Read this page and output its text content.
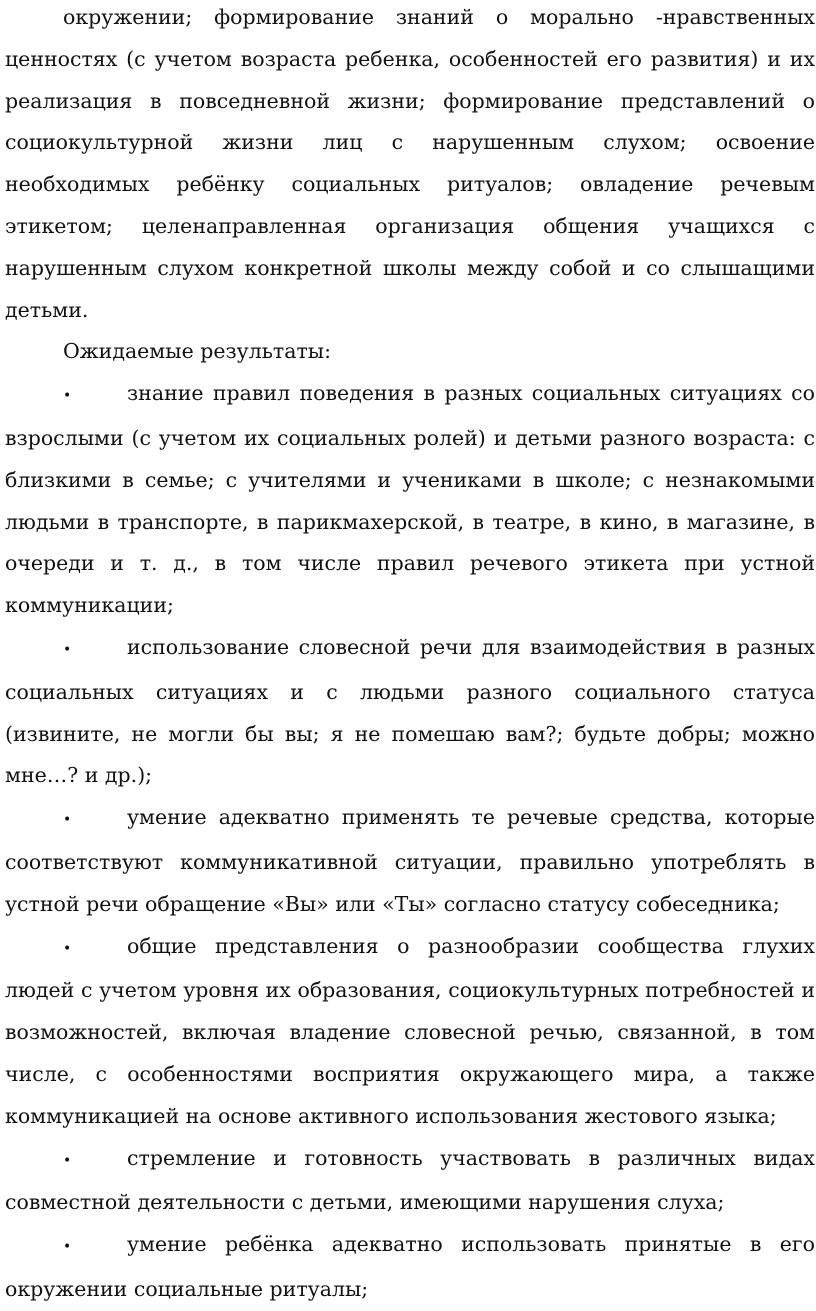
окружении; формирование знаний о морально -нравственных ценностях (с учетом возраста ребенка, особенностей его развития) и их реализация в повседневной жизни; формирование представлений о социокультурной жизни лиц с нарушенным слухом; освоение необходимых ребёнку социальных ритуалов; овладение речевым этикетом; целенаправленная организация общения учащихся с нарушенным слухом конкретной школы между собой и со слышащими детьми.

Ожидаемые результаты:

•	знание правил поведения в разных социальных ситуациях со взрослыми (с учетом их социальных ролей) и детьми разного возраста: с близкими в семье; с учителями и учениками в школе; с незнакомыми людьми в транспорте, в парикмахерской, в театре, в кино, в магазине, в очереди и т. д., в том числе правил речевого этикета при устной коммуникации;

•	использование словесной речи для взаимодействия в разных социальных ситуациях и с людьми разного социального статуса (извините, не могли бы вы; я не помешаю вам?; будьте добры; можно мне…? и др.);

•	умение адекватно применять те речевые средства, которые соответствуют коммуникативной ситуации, правильно употреблять в устной речи обращение «Вы» или «Ты» согласно статусу собеседника;

•	общие представления о разнообразии сообщества глухих людей с учетом уровня их образования, социокультурных потребностей и возможностей, включая владение словесной речью, связанной, в том числе, с особенностями восприятия окружающего мира, а также коммуникацией на основе активного использования жестового языка;

•	стремление и готовность участвовать в различных видах совместной деятельности с детьми, имеющими нарушения слуха;

•	умение ребёнка адекватно использовать принятые в его окружении социальные ритуалы;
